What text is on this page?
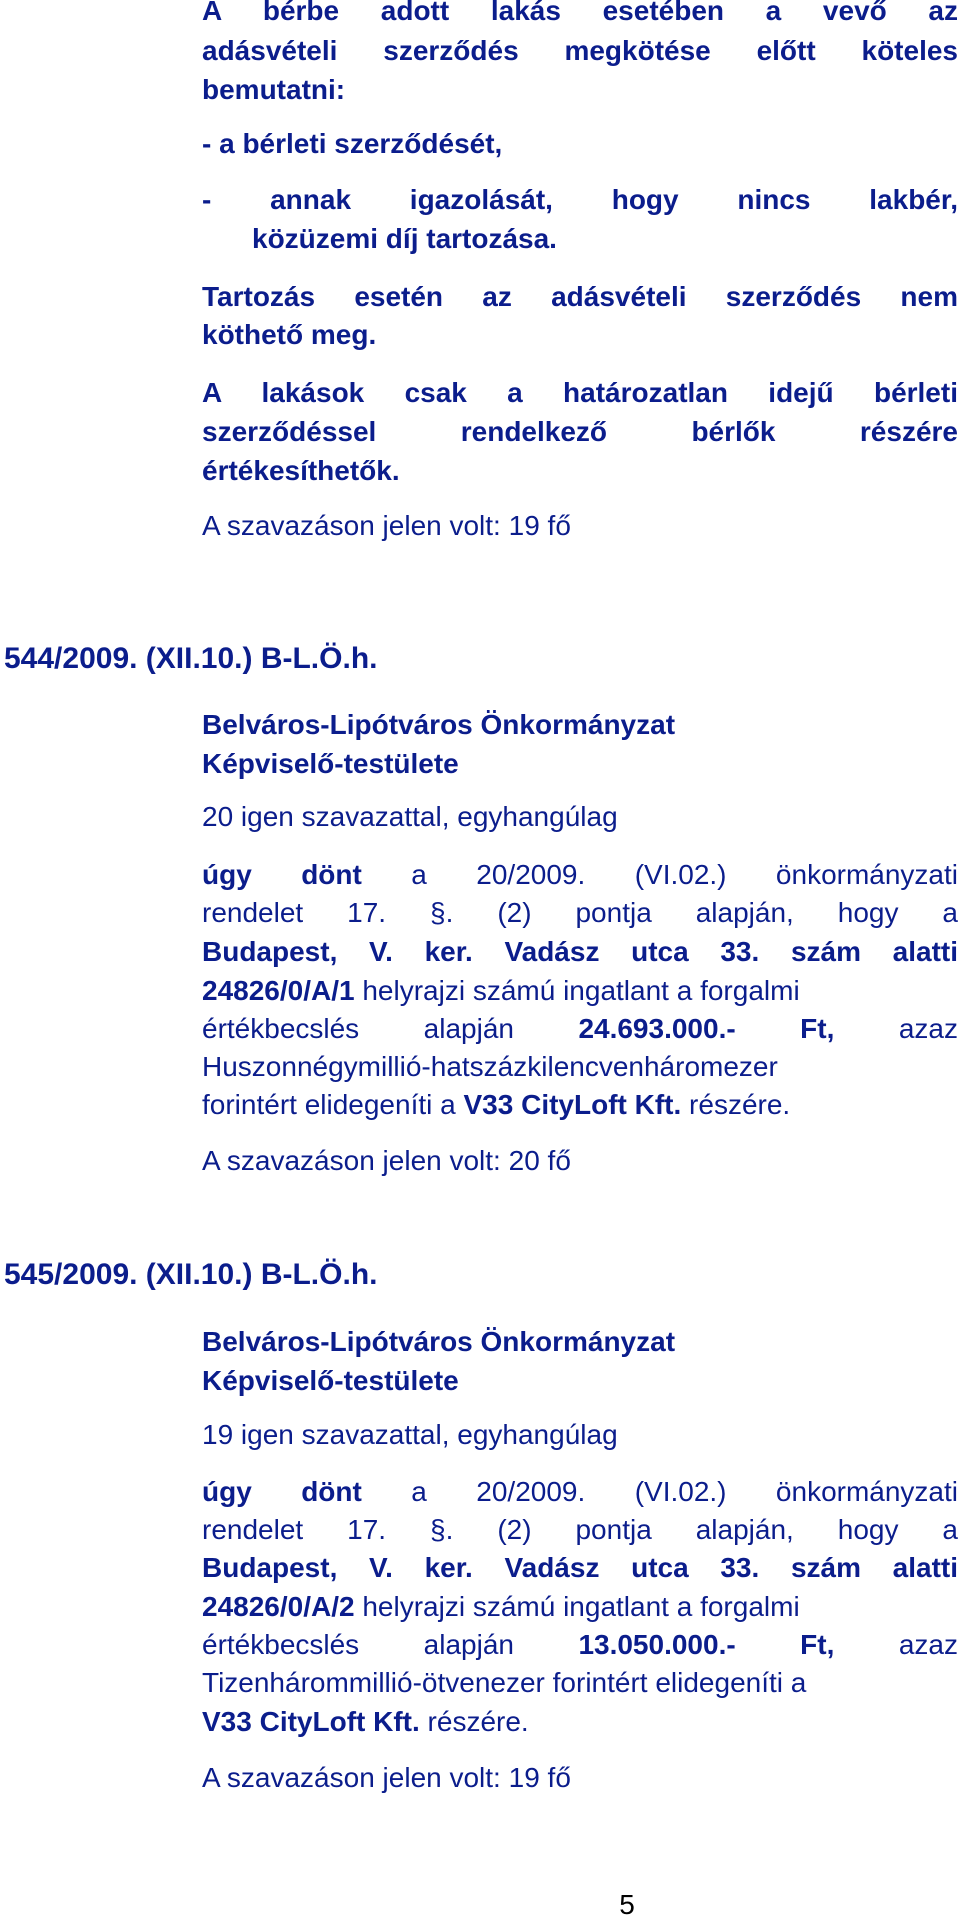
A bérbe adott lakás esetében a vevő az
adásvételi szerződés megkötése előtt köteles
bemutatni:
- a bérleti szerződését,
- annak igazolását, hogy nincs lakbér,
közüzemi díj tartozása.
Tartozás esetén az adásvételi szerződés nem
köthető meg.
A lakások csak a határozatlan idejű bérleti
szerződéssel rendelkező bérlők részére
értékesíthetők.
A szavazáson jelen volt: 19 fő
544/2009. (XII.10.) B-L.Ö.h.
Belváros-Lipótváros Önkormányzat
Képviselő-testülete
20 igen szavazattal, egyhangúlag
úgy dönt a 20/2009. (VI.02.) önkormányzati
rendelet 17. §. (2) pontja alapján, hogy a
Budapest, V. ker. Vadász utca 33. szám alatti
24826/0/A/1 helyrajzi számú ingatlant a forgalmi
értékbecslés alapján 24.693.000.- Ft, azaz
Huszonnégymillió-hatszázkilencvenháromezer
forintért elidegeníti a V33 CityLoft Kft. részére.
A szavazáson jelen volt: 20 fő
545/2009. (XII.10.) B-L.Ö.h.
Belváros-Lipótváros Önkormányzat
Képviselő-testülete
19 igen szavazattal, egyhangúlag
úgy dönt a 20/2009. (VI.02.) önkormányzati
rendelet 17. §. (2) pontja alapján, hogy a
Budapest, V. ker. Vadász utca 33. szám alatti
24826/0/A/2 helyrajzi számú ingatlant a forgalmi
értékbecslés alapján 13.050.000.- Ft, azaz
Tizenhárommillió-ötvenezer forintért elidegeníti a
V33 CityLoft Kft. részére.
A szavazáson jelen volt: 19 fő
5
